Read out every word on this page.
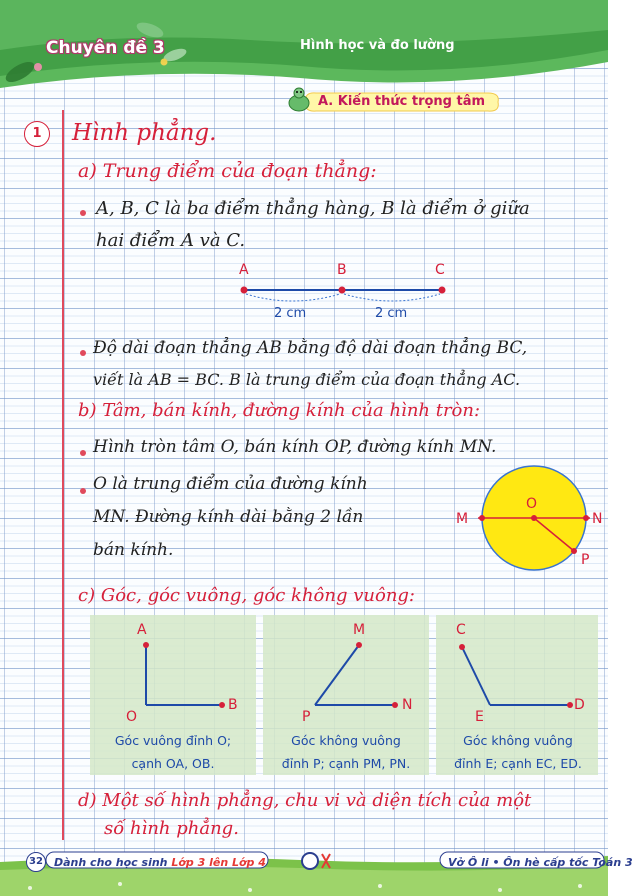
Chuyên đề 3	Hình học và đo lường
A. Kiến thức trọng tâm
1	Hình phẳng.
a) Trung điểm của đoạn thẳng:
A, B, C là ba điểm thẳng hàng, B là điểm ở giữa
hai điểm A và C.
A	B	C
2 cm	2 cm
Độ dài đoạn thẳng AB bằng độ dài đoạn thẳng BC,
viết là AB = BC. B là trung điểm của đoạn thẳng AC.
b) Tâm, bán kính, đường kính của hình tròn:
Hình tròn tâm O, bán kính OP, đường kính MN.
O là trung điểm của đường kính
MN. Đường kính dài bằng 2 lần
bán kính.
O
M	N
P
c) Góc, góc vuông, góc không vuông:
A
O
B
Góc vuông đỉnh O;
cạnh OA, OB.
M
P
N
Góc không vuông
đỉnh P; cạnh PM, PN.
C
E
D
Góc không vuông
đỉnh E; cạnh EC, ED.
d) Một số hình phẳng, chu vi và diện tích của một
số hình phẳng.
32 Dành cho học sinh Lớp 3 lên Lớp 4	Vở Ô li • Ôn hè cấp tốc Toán 3
